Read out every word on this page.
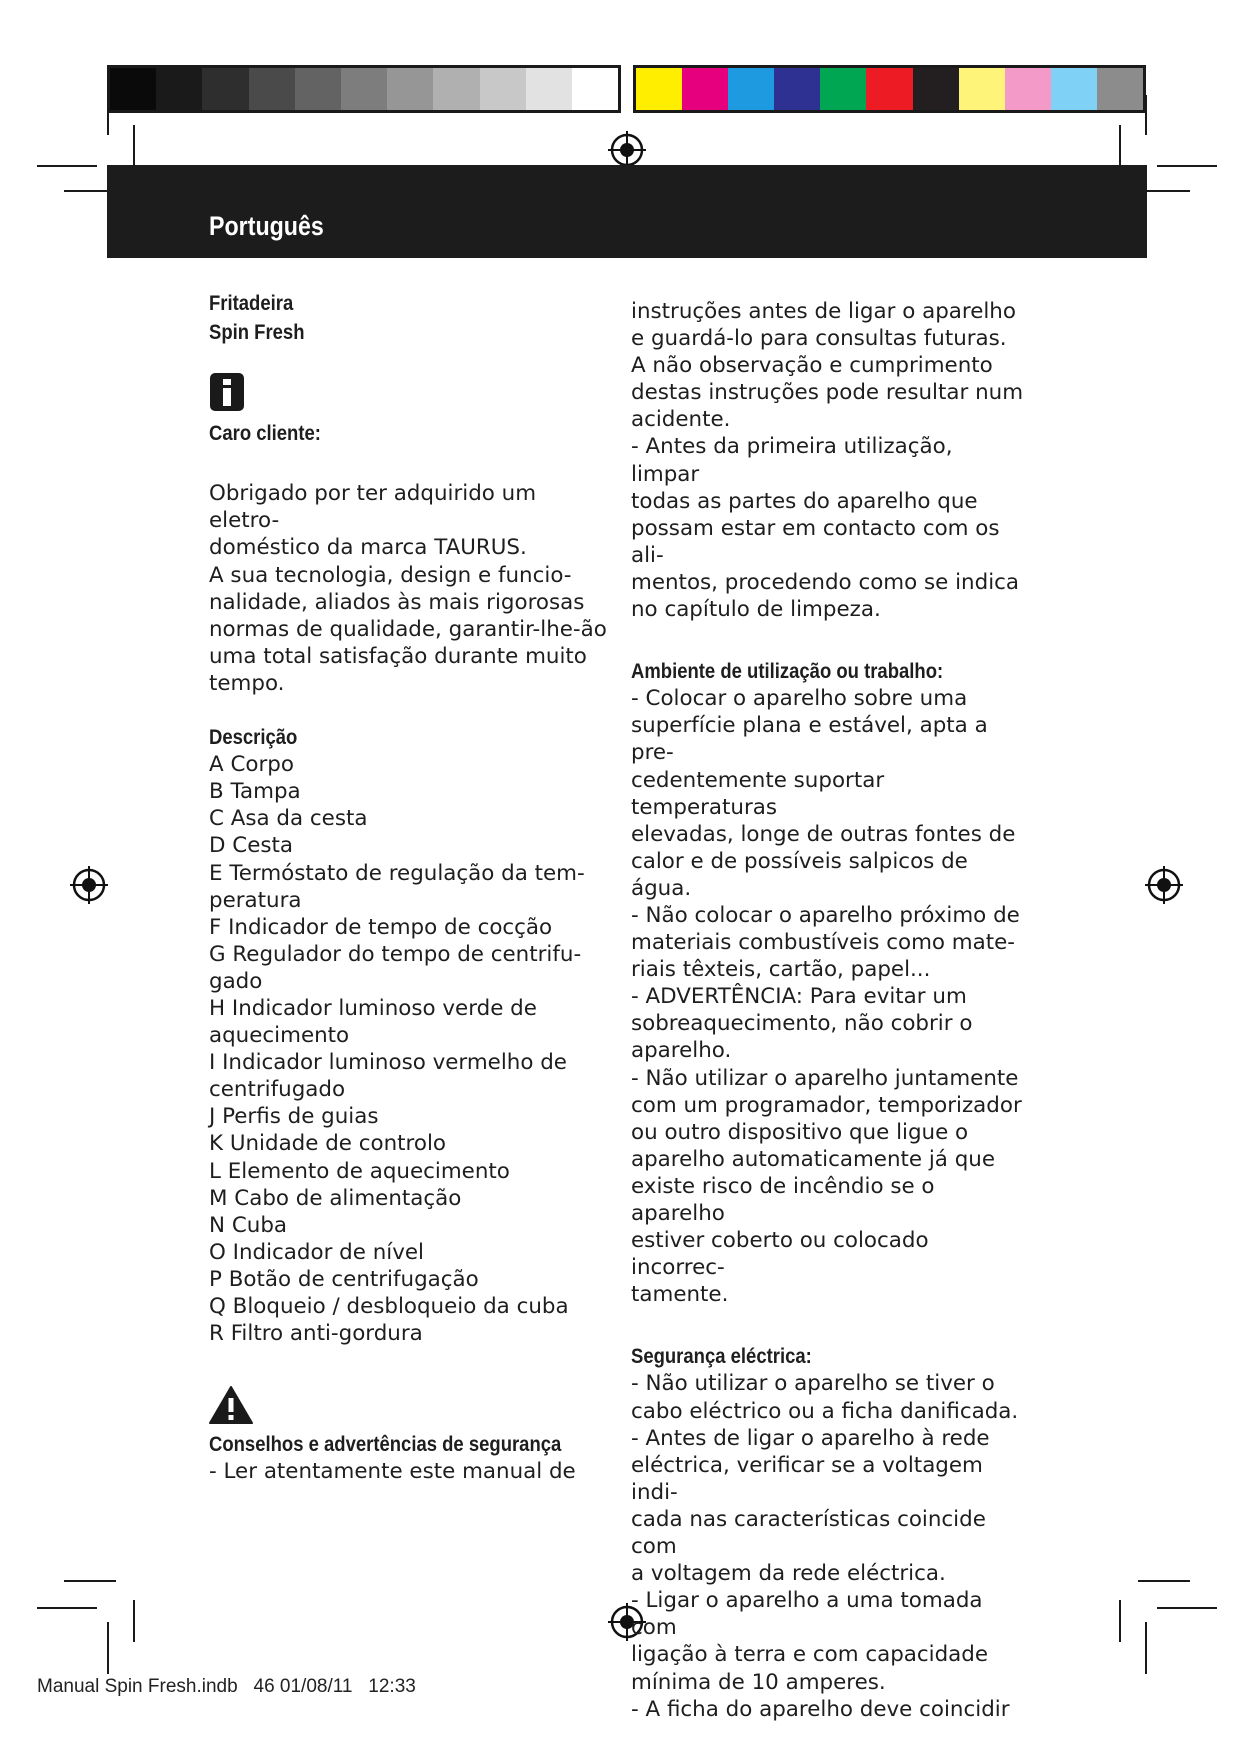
Português
Fritadeira
Spin Fresh
Caro cliente:

Obrigado por ter adquirido um eletro-
doméstico da marca TAURUS.
A sua tecnologia, design e funcio-
nalidade, aliados às mais rigorosas
normas de qualidade, garantir-lhe-ão
uma total satisfação durante muito
tempo.

Descrição
A Corpo
B Tampa
C Asa da cesta
D Cesta
E Termóstato de regulação da tem-
peratura
F Indicador de tempo de cocção
G Regulador do tempo de centrifu-
gado
H Indicador luminoso verde de
aquecimento
I Indicador luminoso vermelho de
centrifugado
J Perfis de guias
K Unidade de controlo
L Elemento de aquecimento
M Cabo de alimentação
N Cuba
O Indicador de nível
P Botão de centrifugação
Q Bloqueio / desbloqueio da cuba
R Filtro anti-gordura
Conselhos e advertências de segurança

- Ler atentamente este manual de

instruções antes de ligar o aparelho
e guardá-lo para consultas futuras.
A não observação e cumprimento
destas instruções pode resultar num
acidente.
- Antes da primeira utilização, limpar
todas as partes do aparelho que
possam estar em contacto com os ali-
mentos, procedendo como se indica
no capítulo de limpeza.

Ambiente de utilização ou trabalho:

- Colocar o aparelho sobre uma
superfície plana e estável, apta a pre-
cedentemente suportar temperaturas
elevadas, longe de outras fontes de
calor e de possíveis salpicos de água.
- Não colocar o aparelho próximo de
materiais combustíveis como mate-
riais têxteis, cartão, papel...
- ADVERTÊNCIA: Para evitar um
sobreaquecimento, não cobrir o
aparelho.
- Não utilizar o aparelho juntamente
com um programador, temporizador
ou outro dispositivo que ligue o
aparelho automaticamente já que
existe risco de incêndio se o aparelho
estiver coberto ou colocado incorrec-
tamente.

Segurança eléctrica:

- Não utilizar o aparelho se tiver o
cabo eléctrico ou a ficha danificada.
- Antes de ligar o aparelho à rede
eléctrica, verificar se a voltagem indi-
cada nas características coincide com
a voltagem da rede eléctrica.
- Ligar o aparelho a uma tomada com
ligação à terra e com capacidade
mínima de 10 amperes.
- A ficha do aparelho deve coincidir

Manual Spin Fresh.indb   46 01/08/11   12:33
